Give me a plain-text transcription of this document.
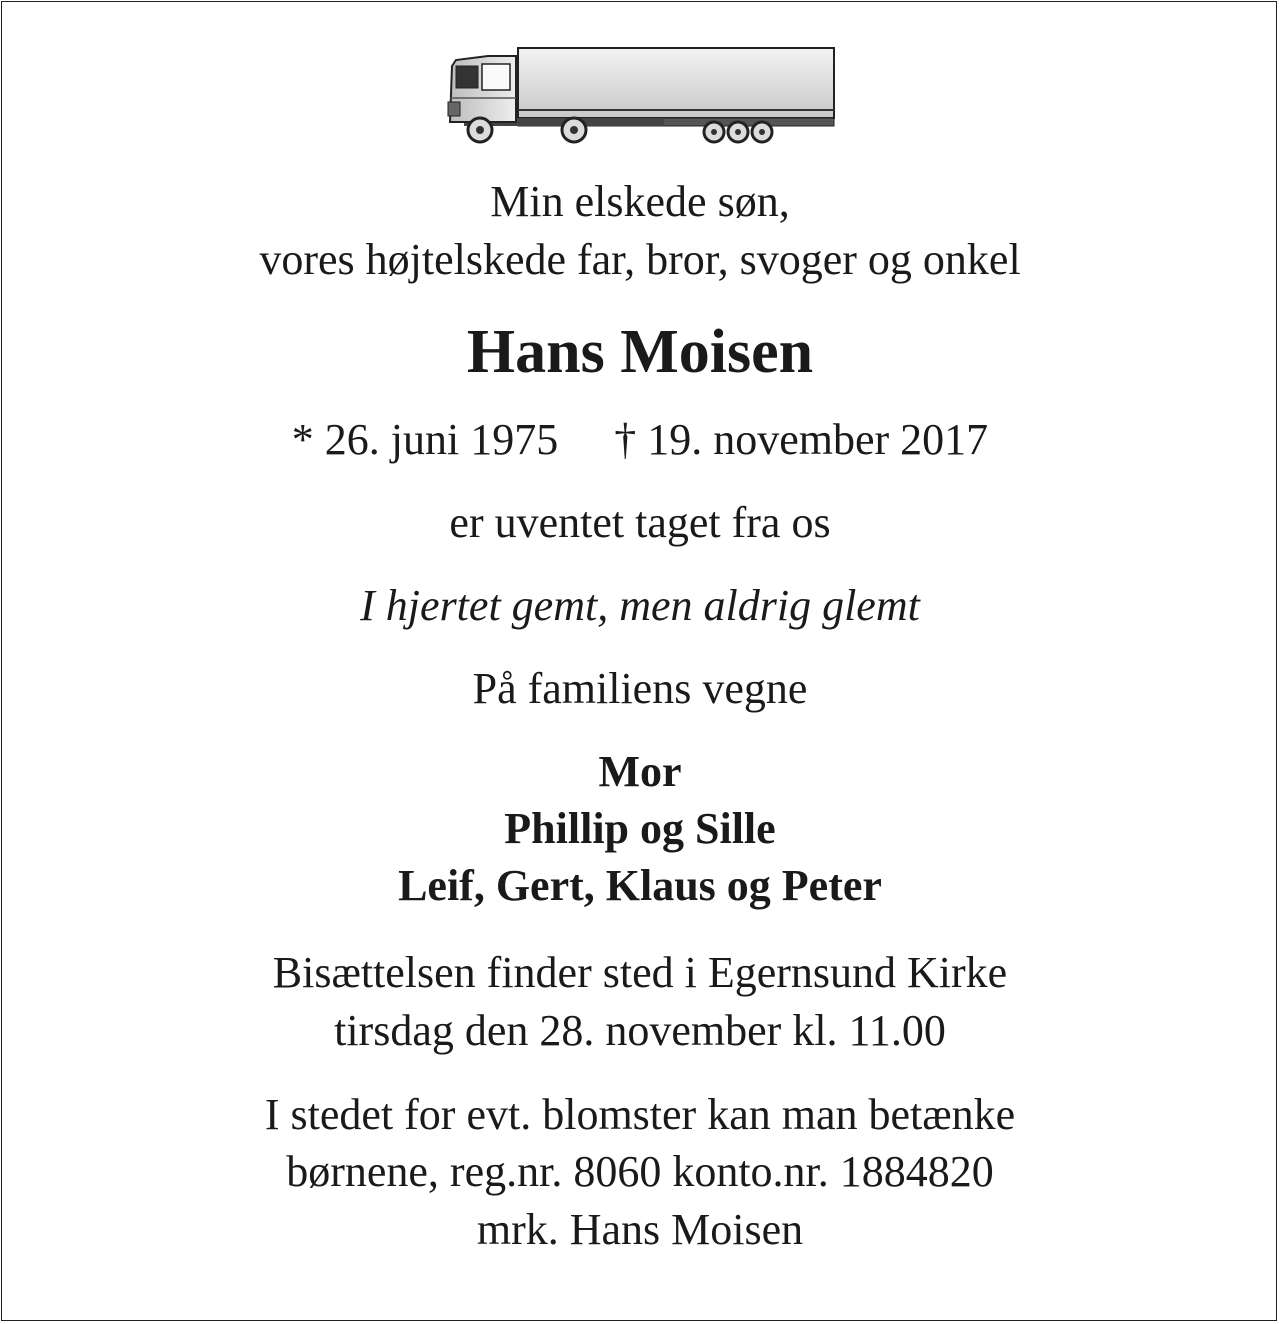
Min elskede søn,
vores højtelskede far, bror, svoger og onkel
Hans Moisen
* 26. juni 1975 † 19. november 2017
er uventet taget fra os
I hjertet gemt, men aldrig glemt
På familiens vegne
Mor
Phillip og Sille
Leif, Gert, Klaus og Peter
Bisættelsen finder sted i Egernsund Kirke
tirsdag den 28. november kl. 11.00
I stedet for evt. blomster kan man betænke
børnene, reg.nr. 8060 konto.nr. 1884820
mrk. Hans Moisen
